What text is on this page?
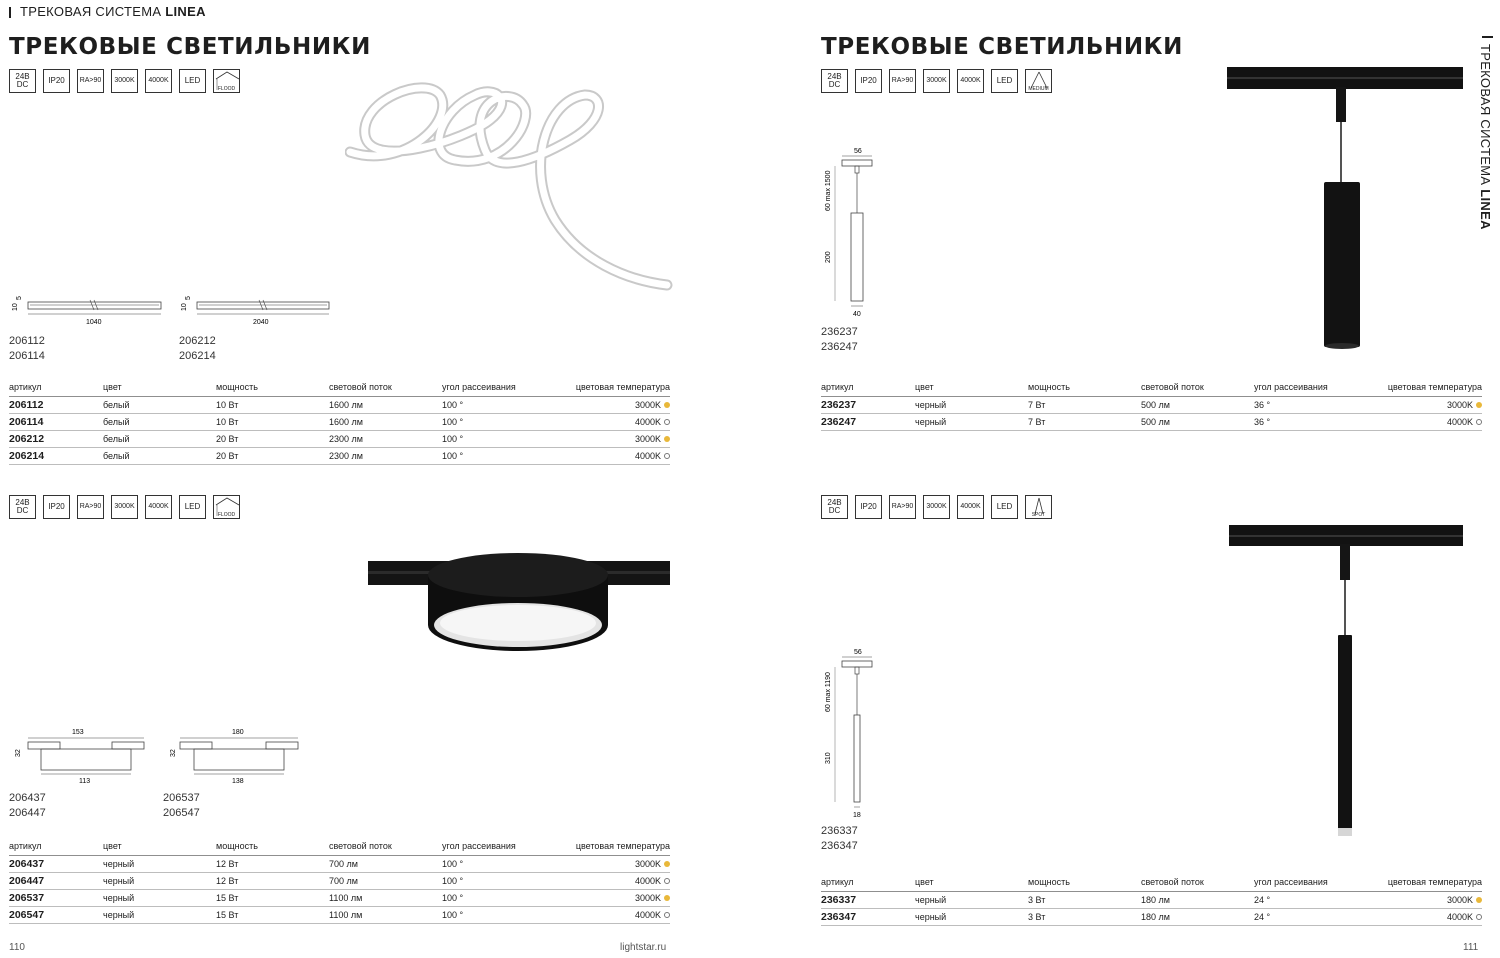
ТРЕКОВАЯ СИСТЕМА LINEA
ТРЕКОВЫЕ СВЕТИЛЬНИКИ
24В DC	IP20 RA>90 3000K 4000K LED
FLOOD
10
5
1040
10
5
2040
206112
206114
206212
206214
артикул	цвет	мощность	световой поток	угол рассеивания	цветовая температура
206112	белый	10 Вт	1600 лм	100 °	3000K
206114	белый	10 Вт	1600 лм	100 °	4000K
206212	белый	20 Вт	2300 лм	100 °	3000K
206214	белый	20 Вт	2300 лм	100 °	4000K
24В DC	IP20 RA>90 3000K 4000K LED
FLOOD
153
32
113
180
32
138
206437
206447
206537
206547
артикул	цвет	мощность	световой поток	угол рассеивания	цветовая температура
206437	черный	12 Вт	700 лм	100 °	3000K
206447	черный	12 Вт	700 лм	100 °	4000K
206537	черный	15 Вт	1100 лм	100 °	3000K
206547	черный	15 Вт	1100 лм	100 °	4000K
110	lightstar.ru
ТРЕКОВЫЕ СВЕТИЛЬНИКИ	ТРЕКОВАЯ СИСТЕМА LINEA
24В DC	IP20 RA>90 3000K 4000K LED
MEDIUM
56
60 max 1500
200
40
236237
236247
артикул	цвет	мощность	световой поток	угол рассеивания	цветовая температура
236237	черный	7 Вт	500 лм	36 °	3000K
236247	черный	7 Вт	500 лм	36 °	4000K
24В DC	IP20 RA>90 3000K 4000K LED
SPOT
56
60 max 1190
310
18
236337
236347
артикул	цвет	мощность	световой поток	угол рассеивания	цветовая температура
236337	черный	3 Вт	180 лм	24 °	3000K
236347	черный	3 Вт	180 лм	24 °	4000K
111
